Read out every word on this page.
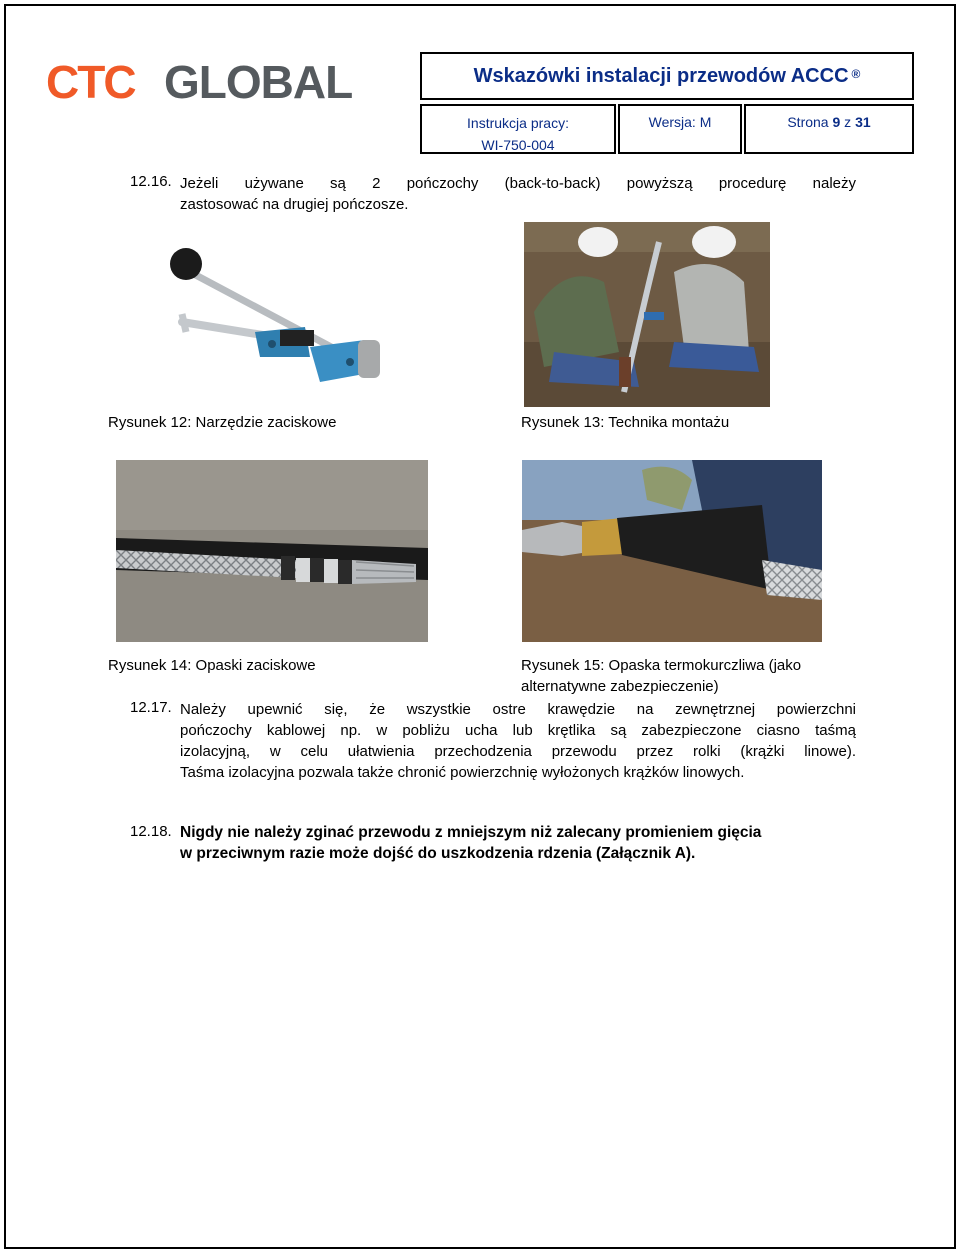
CTC GLOBAL	Wskazówki instalacji przewodów ACCC ®
Instrukcja pracy:
WI-750-004
Wersja: M	Strona 9 z 31
12.16. Jeżeli używane są 2 pończochy (back-to-back) powyższą procedurę należy
zastosować na drugiej pończosze.
Rysunek 12: Narzędzie zaciskowe	Rysunek 13: Technika montażu
Rysunek 14: Opaski zaciskowe	Rysunek 15: Opaska termokurczliwa (jako
alternatywne zabezpieczenie)
12.17. Należy upewnić się, że wszystkie ostre krawędzie na zewnętrznej powierzchni
pończochy kablowej np. w pobliżu ucha lub krętlika są zabezpieczone ciasno taśmą
izolacyjną, w celu ułatwienia przechodzenia przewodu przez rolki (krążki linowe).
Taśma izolacyjna pozwala także chronić powierzchnię wyłożonych krążków linowych.
12.18. Nigdy nie należy zginać przewodu z mniejszym niż zalecany promieniem gięcia
w przeciwnym razie może dojść do uszkodzenia rdzenia (Załącznik A).
